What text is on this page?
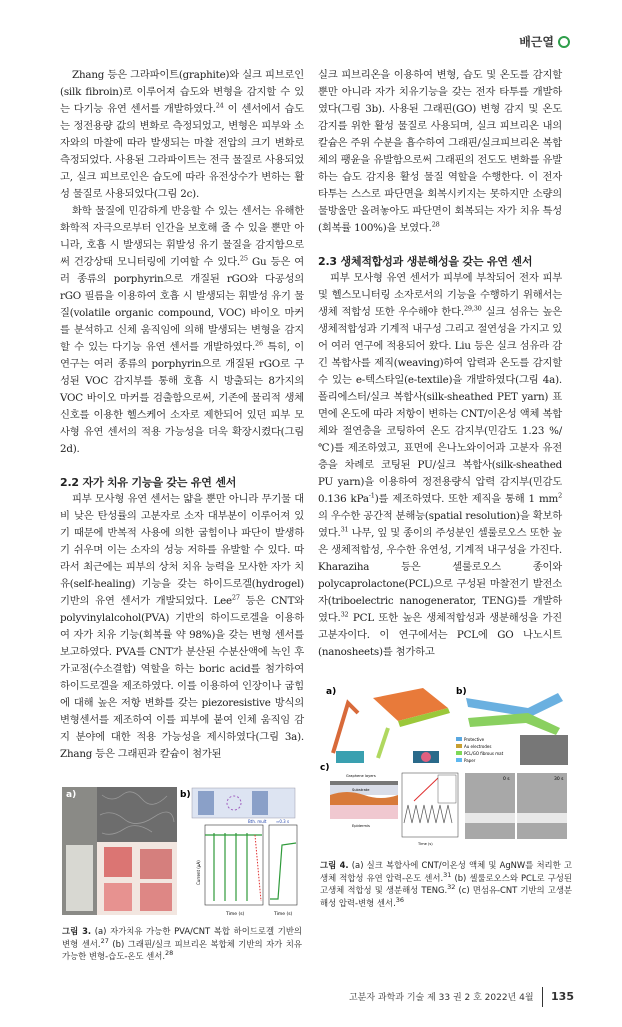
배근열

Zhang 등은 그라파이트(graphite)와 실크 피브로인(silk fibroin)로 이루어져 습도와 변형을 감지할 수 있는 다기능 유연 센서를 개발하였다.$^{24}$ 이 센서에서 습도는 정전용량 값의 변화로 측정되었고, 변형은 피부와 소자와의 마찰에 따라 발생되는 마찰 전압의 크기 변화로 측정되었다. 사용된 그라파이트는 전극 물질로 사용되었고, 실크 피브로인은 습도에 따라 유전상수가 변하는 활성 물질로 사용되었다(그림 2c).

화학 물질에 민감하게 반응할 수 있는 센서는 유해한 화학적 자극으로부터 인간을 보호해 줄 수 있을 뿐만 아니라, 호흡 시 발생되는 휘발성 유기 물질을 감지함으로써 건강상태 모니터링에 기여할 수 있다.$^{25}$ Gu 등은 여러 종류의 porphyrin으로 개질된 rGO와 다공성의 rGO 필름을 이용하여 호흡 시 발생되는 휘발성 유기 물질(volatile organic compound, VOC) 바이오 마커를 분석하고 신체 움직임에 의해 발생되는 변형을 감지할 수 있는 다기능 유연 센서를 개발하였다.$^{26}$ 특히, 이 연구는 여러 종류의 porphyrin으로 개질된 rGO로 구성된 VOC 감지부를 통해 호흡 시 방출되는 8가지의 VOC 바이오 마커를 검출함으로써, 기존에 물리적 생체신호를 이용한 헬스케어 소자로 제한되어 있던 피부 모사형 유연 센서의 적용 가능성을 더욱 확장시켰다(그림 2d).

2.2 자가 치유 기능을 갖는 유연 센서

피부 모사형 유연 센서는 얇을 뿐만 아니라 무기물 대비 낮은 탄성률의 고분자로 소자 대부분이 이루어져 있기 때문에 반복적 사용에 의한 굽힘이나 파단이 발생하기 쉬우며 이는 소자의 성능 저하를 유발할 수 있다. 따라서 최근에는 피부의 상처 치유 능력을 모사한 자가 치유(self-healing) 기능을 갖는 하이드로겔(hydrogel) 기반의 유연 센서가 개발되었다. Lee$^{27}$ 등은 CNT와 polyvinylalcohol(PVA) 기반의 하이드로겔을 이용하여 자가 치유 기능(회복률 약 98%)을 갖는 변형 센서를 보고하였다. PVA를 CNT가 분산된 수분산액에 녹인 후 가교점(수소결합) 역할을 하는 boric acid를 첨가하여 하이드로겔을 제조하였다. 이를 이용하여 인장이나 굽힘에 대해 높은 저항 변화를 갖는 piezoresistive 방식의 변형센서를 제조하여 이를 피부에 붙여 인체 움직임 감지 분야에 대한 적용 가능성을 제시하였다(그림 3a). Zhang 등은 그래핀과 칼슘이 첨가된

a)	b)
Bth. mult ≈0.3 s
Current (μA)
Time (s)	Time (s)
그림 3. (a) 자가치유 가능한 PVA/CNT 복합 하이드로겔 기반의 변형 센서.$^{27}$ (b) 그래핀/실크 피브리온 복합체 기반의 자가 치유 가능한 변형-습도-온도 센서.$^{28}$

실크 피브리온을 이용하여 변형, 습도 및 온도를 감지할 뿐만 아니라 자가 치유기능을 갖는 전자 타투를 개발하였다(그림 3b). 사용된 그래핀(GO) 변형 감지 및 온도 감지를 위한 활성 물질로 사용되며, 실크 피브리온 내의 칼슘은 주위 수분을 흡수하여 그래핀/실크피브리온 복합체의 팽윤을 유발함으로써 그래핀의 전도도 변화를 유발하는 습도 감지용 활성 물질 역할을 수행한다. 이 전자 타투는 스스로 파단면을 회복시키지는 못하지만 소량의 물방울만 올려놓아도 파단면이 회복되는 자가 치유 특성(회복률 100%)을 보였다.$^{28}$

2.3 생체적합성과 생분해성을 갖는 유연 센서

피부 모사형 유연 센서가 피부에 부착되어 전자 피부 및 헬스모니터링 소자로서의 기능을 수행하기 위해서는 생체 적합성 또한 우수해야 한다.$^{29,30}$ 실크 섬유는 높은 생체적합성과 기계적 내구성 그리고 절연성을 가지고 있어 여러 연구에 적용되어 왔다. Liu 등은 실크 섬유라 감긴 복합사를 제직(weaving)하여 압력과 온도를 감지할 수 있는 e-텍스타일(e-textile)을 개발하였다(그림 4a). 폴리에스터/실크 복합사(silk-sheathed PET yarn) 표면에 온도에 따라 저항이 변하는 CNT/이온성 액체 복합체와 절연층을 코팅하여 온도 감지부(민감도 1.23 %/℃)를 제조하였고, 표면에 은나노와이어과 고분자 유전층을 차례로 코팅된 PU/실크 복합사(silk-sheathed PU yarn)을 이용하여 정전용량식 압력 감지부(민감도 0.136 kPa$^{-1}$)를 제조하였다. 또한 제직을 통해 1 $mm^2$의 우수한 공간적 분해능(spatial resolution)을 확보하였다.$^{31}$ 나무, 잎 및 종이의 주성분인 셀룰로오스 또한 높은 생체적합성, 우수한 유연성, 기계적 내구성을 가진다. Kharaziha 등은 셀룰로오스 종이와 polycaprolactone(PCL)으로 구성된 마찰전기 발전소자(triboelectric nanogenerator, TENG)를 개발하였다.$^{32}$ PCL 또한 높은 생체적합성과 생분해성을 가진 고분자이다. 이 연구에서는 PCL에 GO 나노시트(nanosheets)를 첨가하고

a)	b)
c)
Protective
Au electrodes
PCL/GO fibrous mat
Paper
Graphene layers
Substrate
Epidermis
Time (s)
0 s	30 s
그림 4. (a) 실크 복합사에 CNT/이온성 액체 및 AgNW를 처리한 고생체 적합성 유연 압력-온도 센서.$^{31}$ (b) 셀룰로오스와 PCL로 구성된 고생체 적합성 및 생분해성 TENG.$^{32}$ (c) 면섬유-CNT 기반의 고생분해성 압력-변형 센서.$^{36}$
고분자 과학과 기술 제 33 권 2 호 2022년 4월 135
